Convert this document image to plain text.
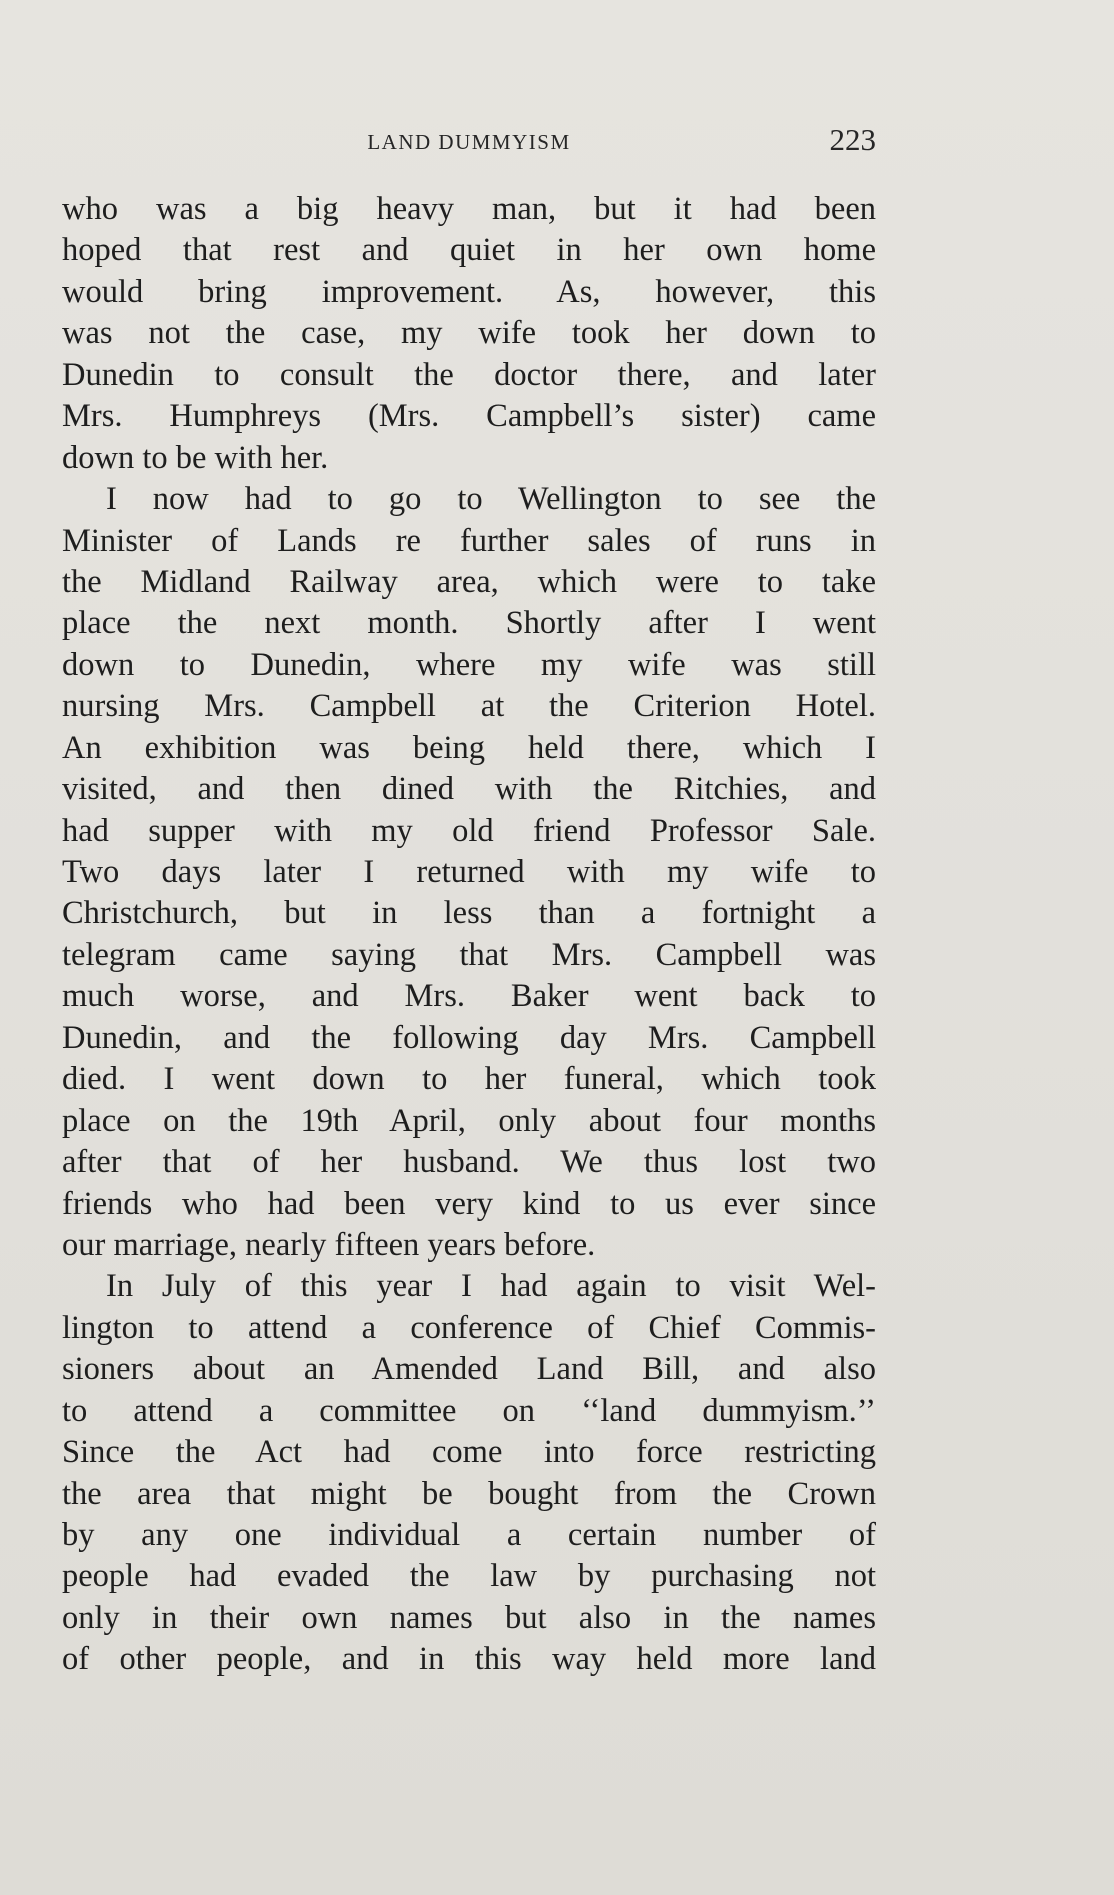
LAND DUMMYISM	223
who was a big heavy man, but it had been
hoped that rest and quiet in her own home
would bring improvement. As, however, this
was not the case, my wife took her down to
Dunedin to consult the doctor there, and later
Mrs. Humphreys (Mrs. Campbell’s sister) came
down to be with her.
I now had to go to Wellington to see the
Minister of Lands re further sales of runs in
the Midland Railway area, which were to take
place the next month. Shortly after I went
down to Dunedin, where my wife was still
nursing Mrs. Campbell at the Criterion Hotel.
An exhibition was being held there, which I
visited, and then dined with the Ritchies, and
had supper with my old friend Professor Sale.
Two days later I returned with my wife to
Christchurch, but in less than a fortnight a
telegram came saying that Mrs. Campbell was
much worse, and Mrs. Baker went back to
Dunedin, and the following day Mrs. Campbell
died. I went down to her funeral, which took
place on the 19th April, only about four months
after that of her husband. We thus lost two
friends who had been very kind to us ever since
our marriage, nearly fifteen years before.
In July of this year I had again to visit Wel-
lington to attend a conference of Chief Commis-
sioners about an Amended Land Bill, and also
to attend a committee on ‘‘land dummyism.’’
Since the Act had come into force restricting
the area that might be bought from the Crown
by any one individual a certain number of
people had evaded the law by purchasing not
only in their own names but also in the names
of other people, and in this way held more land
